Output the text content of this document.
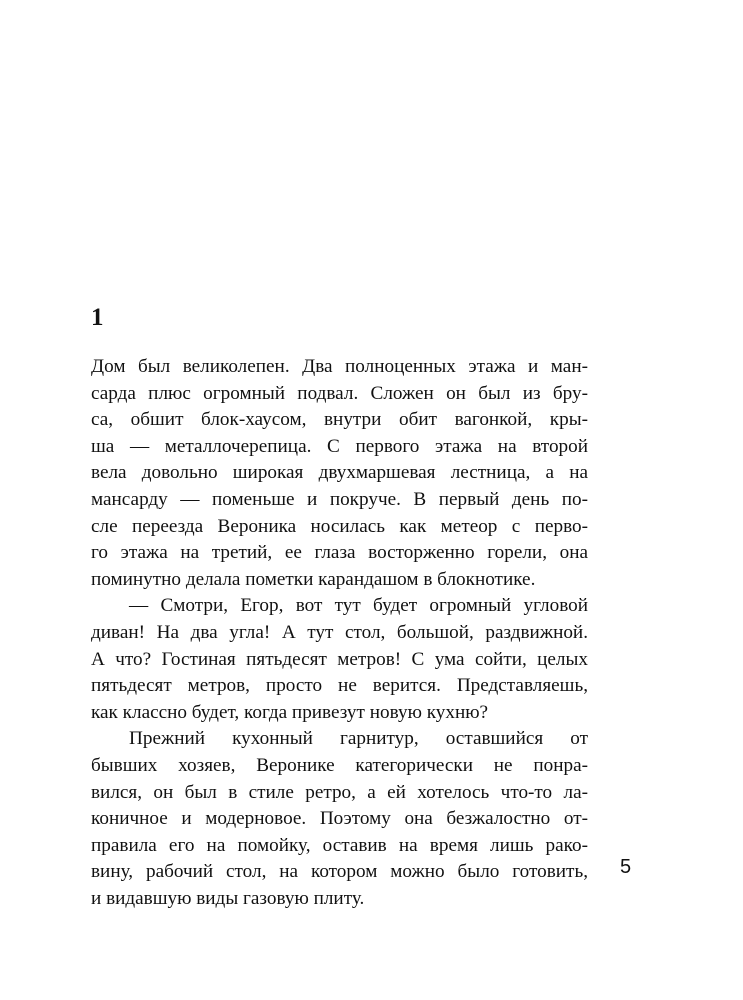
1
Дом был великолепен. Два полноценных этажа и ман-
сарда плюс огромный подвал. Сложен он был из бру-
са, обшит блок-хаусом, внутри обит вагонкой, кры-
ша — металлочерепица. С первого этажа на второй
вела довольно широкая двухмаршевая лестница, а на
мансарду — поменьше и покруче. В первый день по-
сле переезда Вероника носилась как метеор с перво-
го этажа на третий, ее глаза восторженно горели, она
поминутно делала пометки карандашом в блокнотике.
— Смотри, Егор, вот тут будет огромный угловой
диван! На два угла! А тут стол, большой, раздвижной.
А что? Гостиная пятьдесят метров! С ума сойти, целых
пятьдесят метров, просто не верится. Представляешь,
как классно будет, когда привезут новую кухню?
Прежний кухонный гарнитур, оставшийся от
бывших хозяев, Веронике категорически не понра-
вился, он был в стиле ретро, а ей хотелось что-то ла-
коничное и модерновое. Поэтому она безжалостно от-
правила его на помойку, оставив на время лишь рако-
вину, рабочий стол, на котором можно было готовить,
и видавшую виды газовую плиту.
5
